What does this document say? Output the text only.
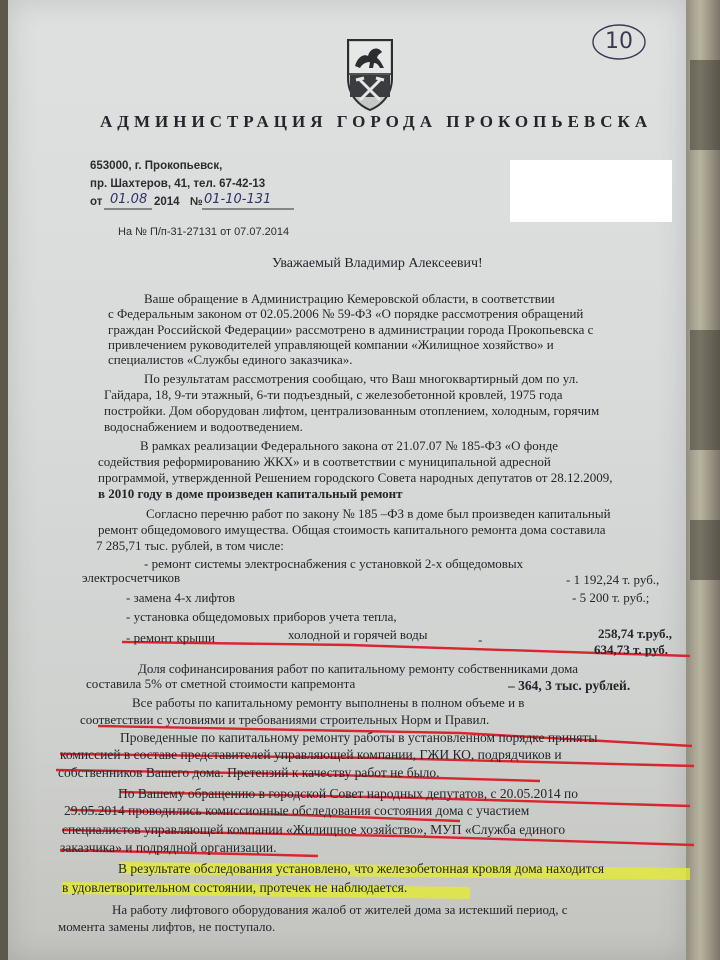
10
АДМИНИСТРАЦИЯ ГОРОДА ПРОКОПЬЕВСКА
653000, г. Прокопьевск,
пр. Шахтеров, 41, тел. 67-42-13
от 01.08 2014 № 01-10-131
На № П/п-31-27131 от 07.07.2014
Уважаемый Владимир Алексеевич!
Ваше обращение в Администрацию Кемеровской области, в соответствии
с Федеральным законом от 02.05.2006 № 59-ФЗ «О порядке рассмотрения обращений
граждан Российской Федерации» рассмотрено в администрации города Прокопьевска с
привлечением руководителей управляющей компании «Жилищное хозяйство» и
специалистов «Службы единого заказчика».
По результатам рассмотрения сообщаю, что Ваш многоквартирный дом по ул.
Гайдара, 18, 9-ти этажный, 6-ти подъездный, с железобетонной кровлей, 1975 года
постройки. Дом оборудован лифтом, централизованным отоплением, холодным, горячим
водоснабжением и водоотведением.
В рамках реализации Федерального закона от 21.07.07 № 185-ФЗ «О фонде
содействия реформированию ЖКХ» и в соответствии с муниципальной адресной
программой, утвержденной Решением городского Совета народных депутатов от 28.12.2009,
в 2010 году в доме произведен капитальный ремонт
Согласно перечню работ по закону № 185 –ФЗ в доме был произведен капитальный
ремонт общедомового имущества. Общая стоимость капитального ремонта дома составила
7 285,71 тыс. рублей, в том числе:
- ремонт системы электроснабжения с установкой 2-х общедомовых
электросчетчиков
- замена 4-х лифтов
- установка общедомовых приборов учета тепла,
холодной и горячей воды
- ремонт крыши
Доля софинансирования работ по капитальному ремонту собственниками дома
составила 5% от сметной стоимости капремонта
Все работы по капитальному ремонту выполнены в полном объеме и в
соответствии с условиями и требованиями строительных Норм и Правил.
Проведенные по капитальному ремонту работы в установленном порядке приняты
комиссией в составе представителей управляющей компании, ГЖИ КО, подрядчиков и
собственников Вашего дома. Претензий к качеству работ не было.
По Вашему обращению в городской Совет народных депутатов, с 20.05.2014 по
29.05.2014 проводились комиссионные обследования состояния дома с участием
специалистов управляющей компании «Жилищное хозяйство», МУП «Служба единого
заказчика» и подрядной организации.
В результате обследования установлено, что железобетонная кровля дома находится
в удовлетворительном состоянии, протечек не наблюдается.
На работу лифтового оборудования жалоб от жителей дома за истекший период, с
момента замены лифтов, не поступало.
- 1 192,24 т. руб.,
- 5 200 т. руб.;
258,74 т.руб.,
-
634,73 т. руб.
– 364, 3 тыс. рублей.
